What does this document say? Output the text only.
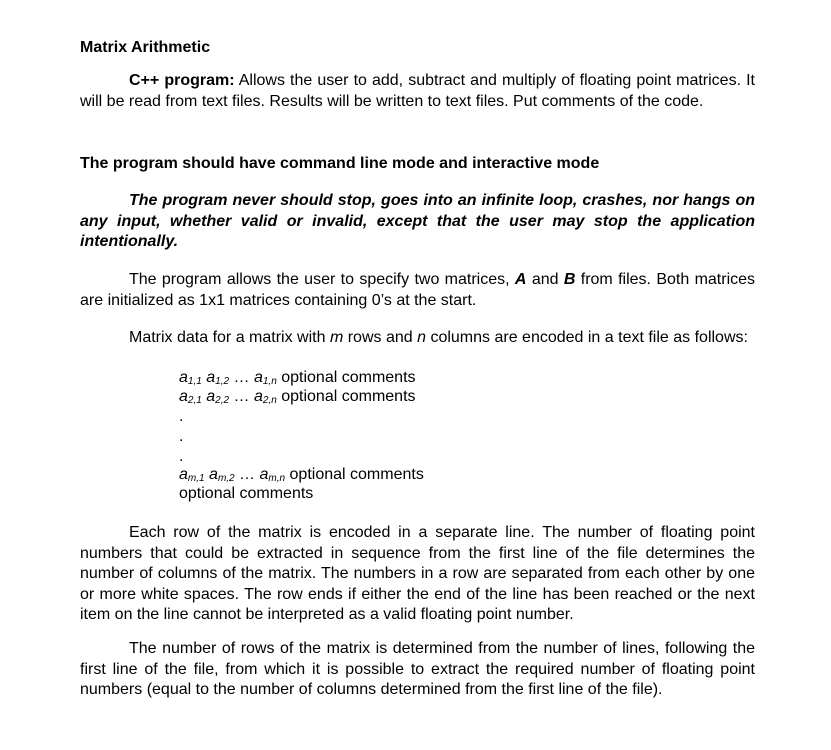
Matrix Arithmetic

C++ program: Allows the user to add, subtract and multiply of floating point matrices. It will be read from text files. Results will be written to text files. Put comments of the code.

The program should have command line mode and interactive mode

The program never should stop, goes into an infinite loop, crashes, nor hangs on any input, whether valid or invalid, except that the user may stop the application intentionally.

The program allows the user to specify two matrices, A and B from files. Both matrices are initialized as 1x1 matrices containing 0’s at the start.

Matrix data for a matrix with m rows and n columns are encoded in a text file as follows:
$a_{1,1}$ $a_{1,2}$ … $a_{1,n}$ optional comments
$a_{2,1}$ $a_{2,2}$ … $a_{2,n}$ optional comments
.
.
.
$a_{m,1}$ $a_{m,2}$ … $a_{m,n}$ optional comments
optional comments

Each row of the matrix is encoded in a separate line. The number of floating point numbers that could be extracted in sequence from the first line of the file determines the number of columns of the matrix. The numbers in a row are separated from each other by one or more white spaces. The row ends if either the end of the line has been reached or the next item on the line cannot be interpreted as a valid floating point number.

The number of rows of the matrix is determined from the number of lines, following the first line of the file, from which it is possible to extract the required number of floating point numbers (equal to the number of columns determined from the first line of the file).
